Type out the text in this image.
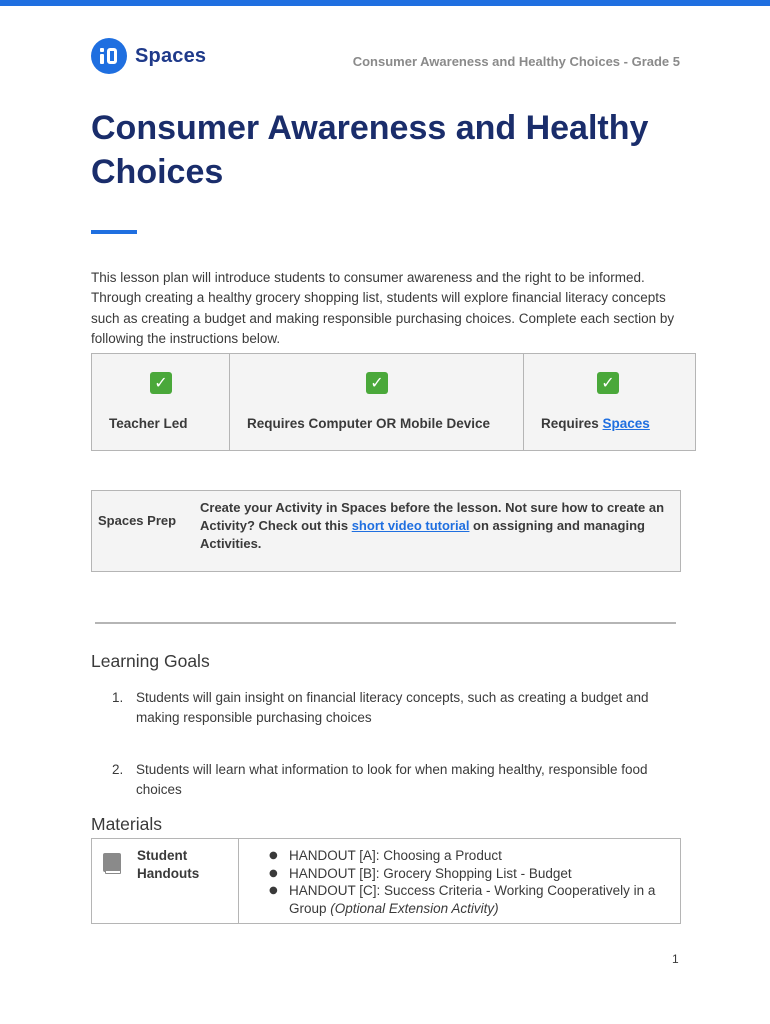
Spaces	Consumer Awareness and Healthy Choices - Grade 5
Consumer Awareness and Healthy
Choices

This lesson plan will introduce students to consumer awareness and the right to be informed. Through creating a healthy grocery shopping list, students will explore financial literacy concepts such as creating a budget and making responsible purchasing choices. Complete each section by following the instructions below.

✓
Teacher Led
✓
Requires Computer OR Mobile Device
✓
Requires Spaces
Spaces Prep
Create your Activity in Spaces before the lesson. Not sure how to create an Activity? Check out this short video tutorial on assigning and managing Activities.
Learning Goals
1. Students will gain insight on financial literacy concepts, such as creating a budget and making responsible purchasing choices
2. Students will learn what information to look for when making healthy, responsible food choices
Materials
Student Handouts
● HANDOUT [A]: Choosing a Product
● HANDOUT [B]: Grocery Shopping List - Budget
● HANDOUT [C]: Success Criteria - Working Cooperatively in a Group (Optional Extension Activity)
1
